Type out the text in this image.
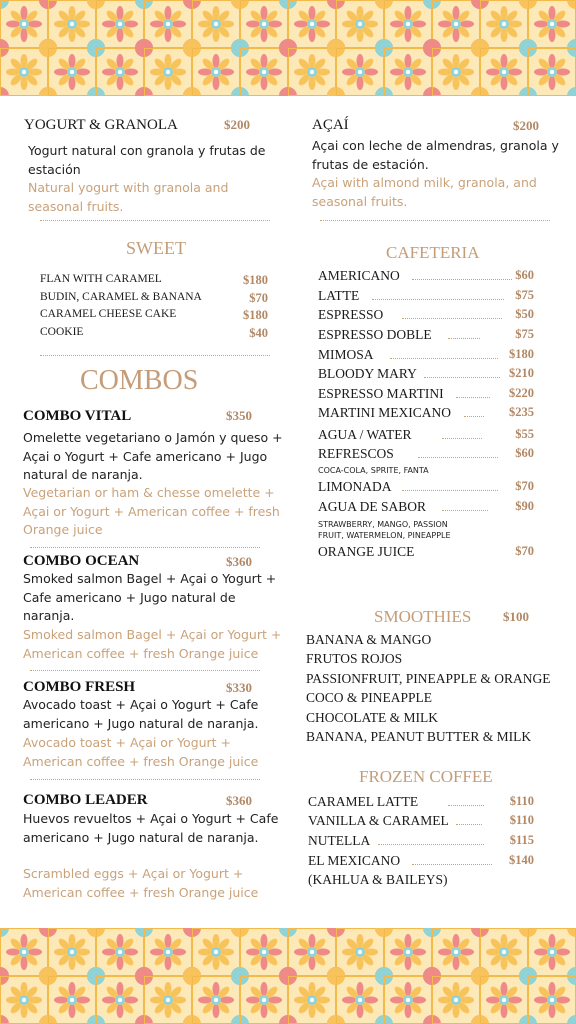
YOGURT & GRANOLA	$200
Yogurt natural con granola y frutas de estación
Natural yogurt with granola and seasonal fruits.
AÇAÍ	$200
Açai con leche de almendras, granola y frutas de estación.
Açai with almond milk, granola, and seasonal fruits.
SWEET
FLAN WITH CARAMEL	$180
BUDIN, CARAMEL & BANANA	$70
CARAMEL CHEESE CAKE	$180
COOKIE	$40
COMBOS
COMBO VITAL	$350
Omelette vegetariano o Jamón y queso + Açai o Yogurt + Cafe americano + Jugo natural de naranja.
Vegetarian or ham & chesse omelette + Açai or Yogurt + American coffee + fresh Orange juice
COMBO OCEAN	$360
Smoked salmon Bagel + Açai o Yogurt + Cafe americano + Jugo natural de naranja.
Smoked salmon Bagel + Açai or Yogurt + American coffee + fresh Orange juice
COMBO FRESH	$330
Avocado toast + Açai o Yogurt + Cafe americano + Jugo natural de naranja.
Avocado toast + Açai or Yogurt + American coffee + fresh Orange juice
COMBO LEADER	$360
Huevos revueltos + Açai o Yogurt + Cafe americano + Jugo natural de naranja.
Scrambled eggs + Açai or Yogurt + American coffee + fresh Orange juice
CAFETERIA
AMERICANO	$60
LATTE	$75
ESPRESSO	$50
ESPRESSO DOBLE	$75
MIMOSA	$180
BLOODY MARY	$210
ESPRESSO MARTINI	$220
MARTINI MEXICANO	$235
AGUA / WATER	$55
REFRESCOS	$60
COCA-COLA, SPRITE, FANTA
LIMONADA	$70
AGUA DE SABOR	$90
STRAWBERRY, MANGO, PASSION FRUIT, WATERMELON, PINEAPPLE
ORANGE JUICE	$70
SMOOTHIES $100
BANANA & MANGO
FRUTOS ROJOS
PASSIONFRUIT, PINEAPPLE & ORANGE
COCO & PINEAPPLE
CHOCOLATE & MILK
BANANA, PEANUT BUTTER & MILK
FROZEN COFFEE
CARAMEL LATTE	$110
VANILLA & CARAMEL	$110
NUTELLA	$115
EL MEXICANO	$140
(KAHLUA & BAILEYS)
